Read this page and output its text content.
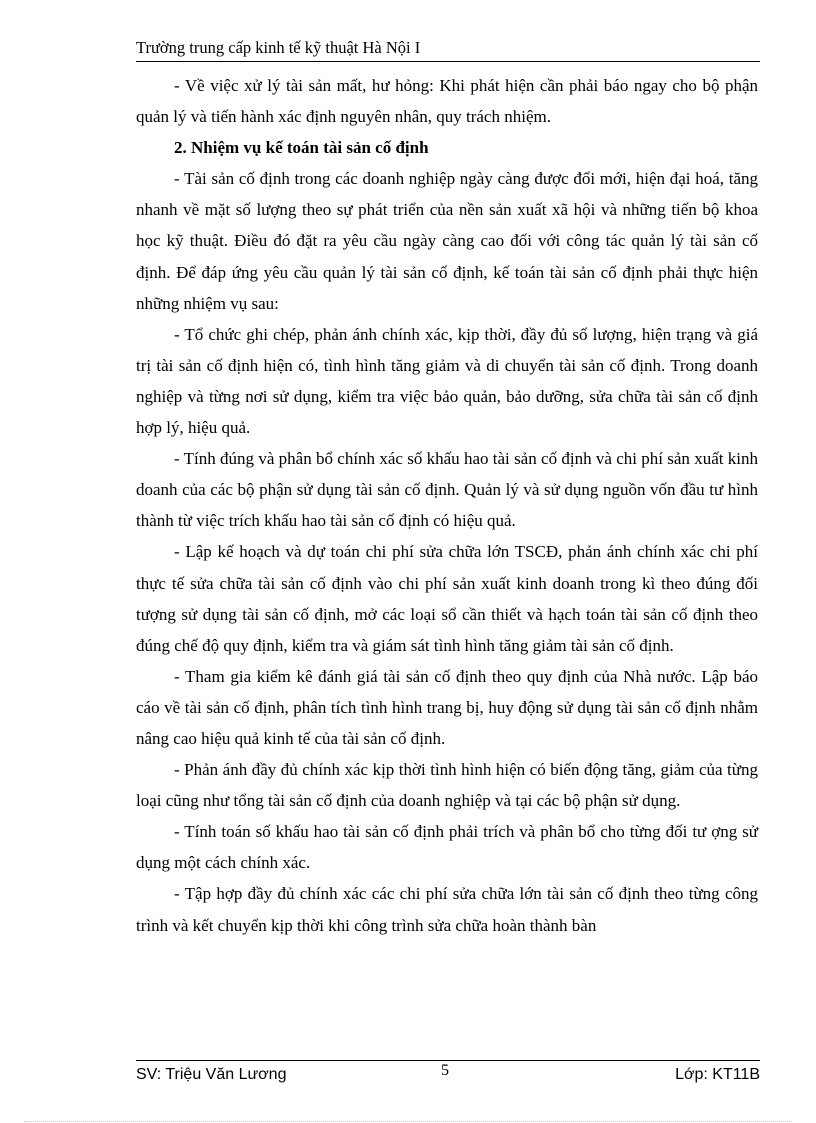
Trường trung cấp kinh tế kỹ thuật Hà Nội I

- Về việc xử lý tài sản mất, hư hỏng: Khi phát hiện cần phải báo ngay cho bộ phận quản lý và tiến hành xác định nguyên nhân, quy trách nhiệm.

2. Nhiệm vụ kế toán tài sản cố định

- Tài sản cố định trong các doanh nghiệp ngày càng được đổi mới, hiện đại hoá, tăng nhanh về mặt số lượng theo sự phát triển của nền sản xuất xã hội và những tiến bộ khoa học kỹ thuật. Điều đó đặt ra yêu cầu ngày càng cao đối với công tác quản lý tài sản cố định. Để đáp ứng yêu cầu quản lý tài sản cố định, kế toán tài sản cố định phải thực hiện những nhiệm vụ sau:

- Tổ chức ghi chép, phản ánh chính xác, kịp thời, đầy đủ số lượng, hiện trạng và giá trị tài sản cố định hiện có, tình hình tăng giảm và di chuyển tài sản cố định. Trong doanh nghiệp và từng nơi sử dụng, kiểm tra việc bảo quản, bảo dưỡng, sửa chữa tài sản cố định hợp lý, hiệu quả.

- Tính đúng và phân bổ chính xác số khấu hao tài sản cố định và chi phí sản xuất kinh doanh của các bộ phận sử dụng tài sản cố định. Quản lý và sử dụng nguồn vốn đầu tư hình thành từ việc trích khấu hao tài sản cố định có hiệu quả.

- Lập kế hoạch và dự toán chi phí sửa chữa lớn TSCĐ, phản ánh chính xác chi phí thực tế sửa chữa tài sản cố định vào chi phí sản xuất kinh doanh trong kì theo đúng đối tượng sử dụng tài sản cố định, mở các loại sổ cần thiết và hạch toán tài sản cố định theo đúng chế độ quy định, kiểm tra và giám sát tình hình tăng giảm tài sản cố định.

- Tham gia kiểm kê đánh giá tài sản cố định theo quy định của Nhà nước. Lập báo cáo về tài sản cố định, phân tích tình hình trang bị, huy động sử dụng tài sản cố định nhằm nâng cao hiệu quả kinh tế của tài sản cố định.

- Phản ánh đầy đủ chính xác kịp thời tình hình hiện có biến động tăng, giảm của từng loại cũng như tổng tài sản cố định của doanh nghiệp và tại các bộ phận sử dụng.

- Tính toán số khấu hao tài sản cố định phải trích và phân bổ cho từng đối tư ợng sử dụng một cách chính xác.

- Tập hợp đầy đủ chính xác các chi phí sửa chữa lớn tài sản cố định theo từng công trình và kết chuyển kịp thời khi công trình sửa chữa hoàn thành bàn

SV: Triệu Văn Lương	5	Lớp: KT11B
